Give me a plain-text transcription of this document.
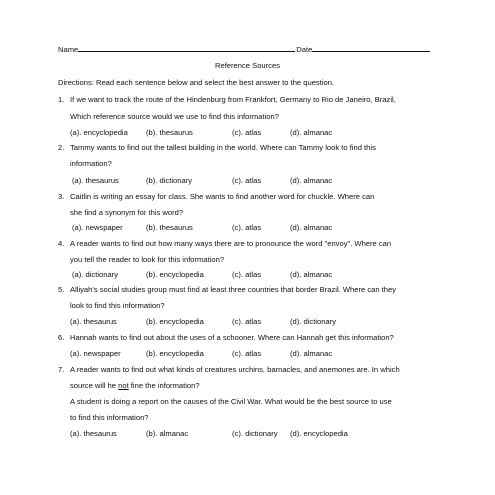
Name	Date
Reference Sources
Directions: Read each sentence below and select the best answer to the question.
1. If we want to track the route of the Hindenburg from Frankfort, Germany to Rio de Janeiro, Brazil,
Which reference source would we use to find this information?
(a). encyclopedia (b). thesaurus	(c). atlas	(d). almanac
2. Tammy wants to find out the tallest building in the world. Where can Tammy look to find this
information?
(a). thesaurus	(b). dictionary	(c). atlas	(d). almanac
3. Caitlin is writing an essay for class. She wants to find another word for chuckle. Where can
she find a synonym for this word?
(a). newspaper	(b). thesaurus	(c). atlas	(d). almanac
4. A reader wants to find out how many ways there are to pronounce the word "envoy". Where can
you tell the reader to look for this information?
(a). dictionary	(b). encyclopedia	(c). atlas	(d). almanac
5. Alliyah's social studies group must find at least three countries that border Brazil. Where can they
look to find this information?
(a). thesaurus	(b). encyclopedia	(c). atlas	(d). dictionary
6. Hannah wants to find out about the uses of a schooner. Where can Hannah get this information?
(a). newspaper	(b). encyclopedia	(c). atlas	(d). almanac
7. A reader wants to find out what kinds of creatures urchins, barnacles, and anemones are. In which
source will he not fine the information?
A student is doing a report on the causes of the Civil War. What would be the best source to use
to find this information?
(a). thesaurus	(b). almanac	(c). dictionary (d). encyclopedia
